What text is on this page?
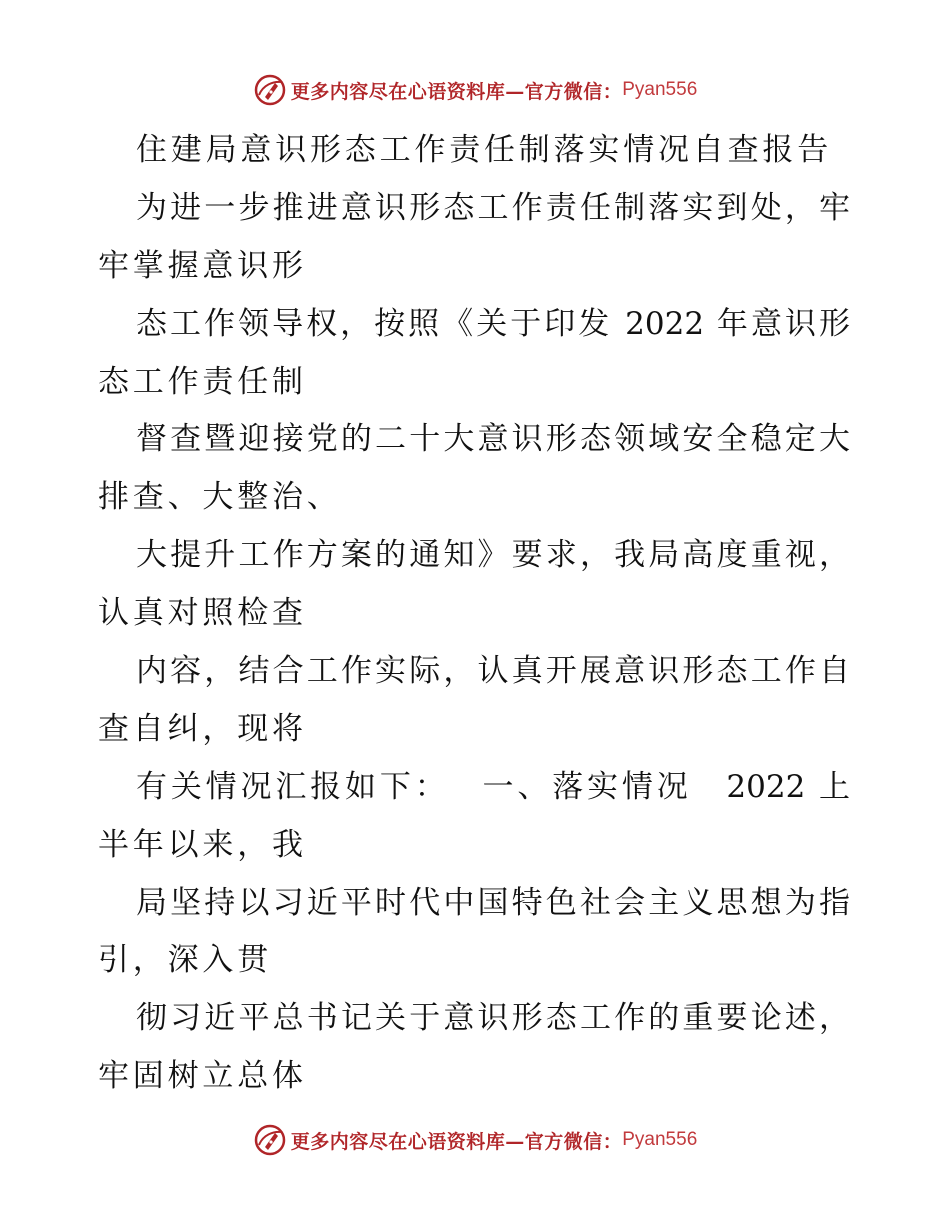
更多内容尽在心语资料库—官方微信： Pyan556
住建局意识形态工作责任制落实情况自查报告
为进一步推进意识形态工作责任制落实到处，牢
牢掌握意识形
态工作领导权，按照《关于印发 2022 年意识形
态工作责任制
督查暨迎接党的二十大意识形态领域安全稳定大
排查、大整治、
大提升工作方案的通知》要求，我局高度重视，
认真对照检查
内容，结合工作实际，认真开展意识形态工作自
查自纠，现将
有关情况汇报如下：　 一、落实情况　2022 上
半年以来，我
局坚持以习近平时代中国特色社会主义思想为指
引，深入贯
彻习近平总书记关于意识形态工作的重要论述，
牢固树立总体
更多内容尽在心语资料库—官方微信： Pyan556
